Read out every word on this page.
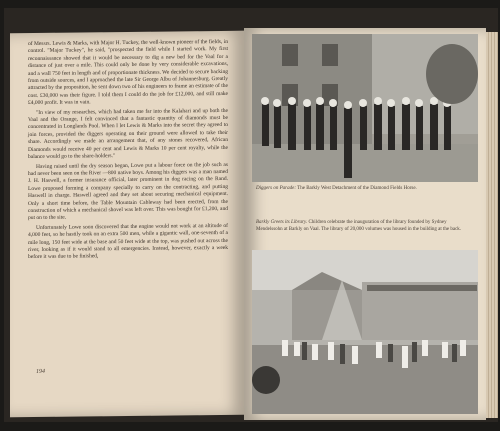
of Messrs. Lewis & Marks, with Major H. Tuckey, the well-known pioneer of the fields, in control. "Major Tuckey", he said, "prospected the field while I started work. My first reconnaissance showed that it would be necessary to dig a new bed for the Vaal for a distance of just over a mile. This could only be done by very considerable excavations, and a wall 750 feet in length and of proportionate thickness. We decided to secure backing from outside sources, and I approached the late Sir George Albu of Johannesburg. Greatly attracted by the proposition, he sent down two of his engineers to frame an estimate of the cost. £30,000 was their figure. I told them I could do the job for £12,000, and still make £4,000 profit. It was in vain.

"In view of my researches, which had taken me far into the Kalahari and up both the Vaal and the Orange, I felt convinced that a fantastic quantity of diamonds must be concentrated in Longlands Pool. When I let Lewis & Marks into the secret they agreed to join forces, provided the diggers operating on their ground were allowed to take their share. Accordingly we made an arrangement that, of any stones recovered, African Diamonds would receive 40 per cent and Lewis & Marks 10 per cent royalty, while the balance would go to the share-holders."

Having raised until the dry season began, Lowe put a labour force on the job such as had never been seen on the River —800 native boys. Among his diggers was a man named J. H. Haswell, a former insurance official, later prominent in dog racing on the Rand. Lowe proposed forming a company specially to carry on the contracting, and putting Haswell in charge. Haswell agreed and they set about securing mechanical equipment. Only a short time before, the Table Mountain Cableway had been erected, from the construction of which a mechanical shovel was left over. This was bought for £1,200, and put on to the site.

Unfortunately Lowe soon discovered that the engine would not work at an altitude of 4,000 feet, so he hastily took on an extra 500 men, while a gigantic wall, one-seventh of a mile long, 150 feet wide at the base and 50 feet wide at the top, was pushed out across the river, looking as if it would stand to all emergencies. Instead, however, exactly a week before it was due to be finished,

194
Diggers on Parade: The Barkly West Detachment of the Diamond Fields Horse.
Barkly Greets its Library. Children celebrate the inauguration of the library founded by Sydney Mendelssohn at Barkly on Vaal. The library of 20,000 volumes was housed in the building at the back.
